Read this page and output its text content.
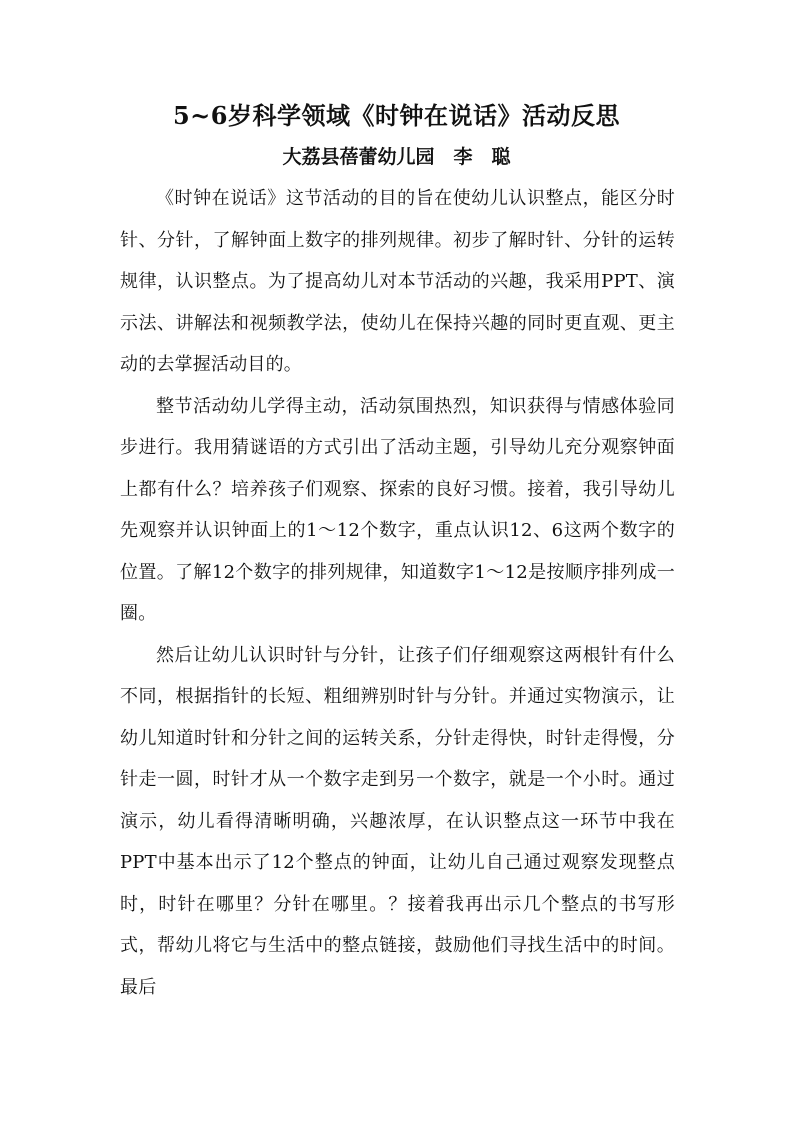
5~6岁科学领域《时钟在说话》活动反思
大荔县蓓蕾幼儿园　李　聪

《时钟在说话》这节活动的目的旨在使幼儿认识整点，能区分时针、分针，了解钟面上数字的排列规律。初步了解时针、分针的运转规律，认识整点。为了提高幼儿对本节活动的兴趣，我采用PPT、演示法、讲解法和视频教学法，使幼儿在保持兴趣的同时更直观、更主动的去掌握活动目的。

整节活动幼儿学得主动，活动氛围热烈，知识获得与情感体验同步进行。我用猜谜语的方式引出了活动主题，引导幼儿充分观察钟面上都有什么？培养孩子们观察、探索的良好习惯。接着，我引导幼儿先观察并认识钟面上的1～12个数字，重点认识12、6这两个数字的位置。了解12个数字的排列规律，知道数字1～12是按顺序排列成一圈。

然后让幼儿认识时针与分针，让孩子们仔细观察这两根针有什么不同，根据指针的长短、粗细辨别时针与分针。并通过实物演示，让幼儿知道时针和分针之间的运转关系，分针走得快，时针走得慢，分针走一圆，时针才从一个数字走到另一个数字，就是一个小时。通过演示，幼儿看得清晰明确，兴趣浓厚，在认识整点这一环节中我在PPT中基本出示了12个整点的钟面，让幼儿自己通过观察发现整点时，时针在哪里？分针在哪里。？接着我再出示几个整点的书写形式，帮幼儿将它与生活中的整点链接，鼓励他们寻找生活中的时间。最后
